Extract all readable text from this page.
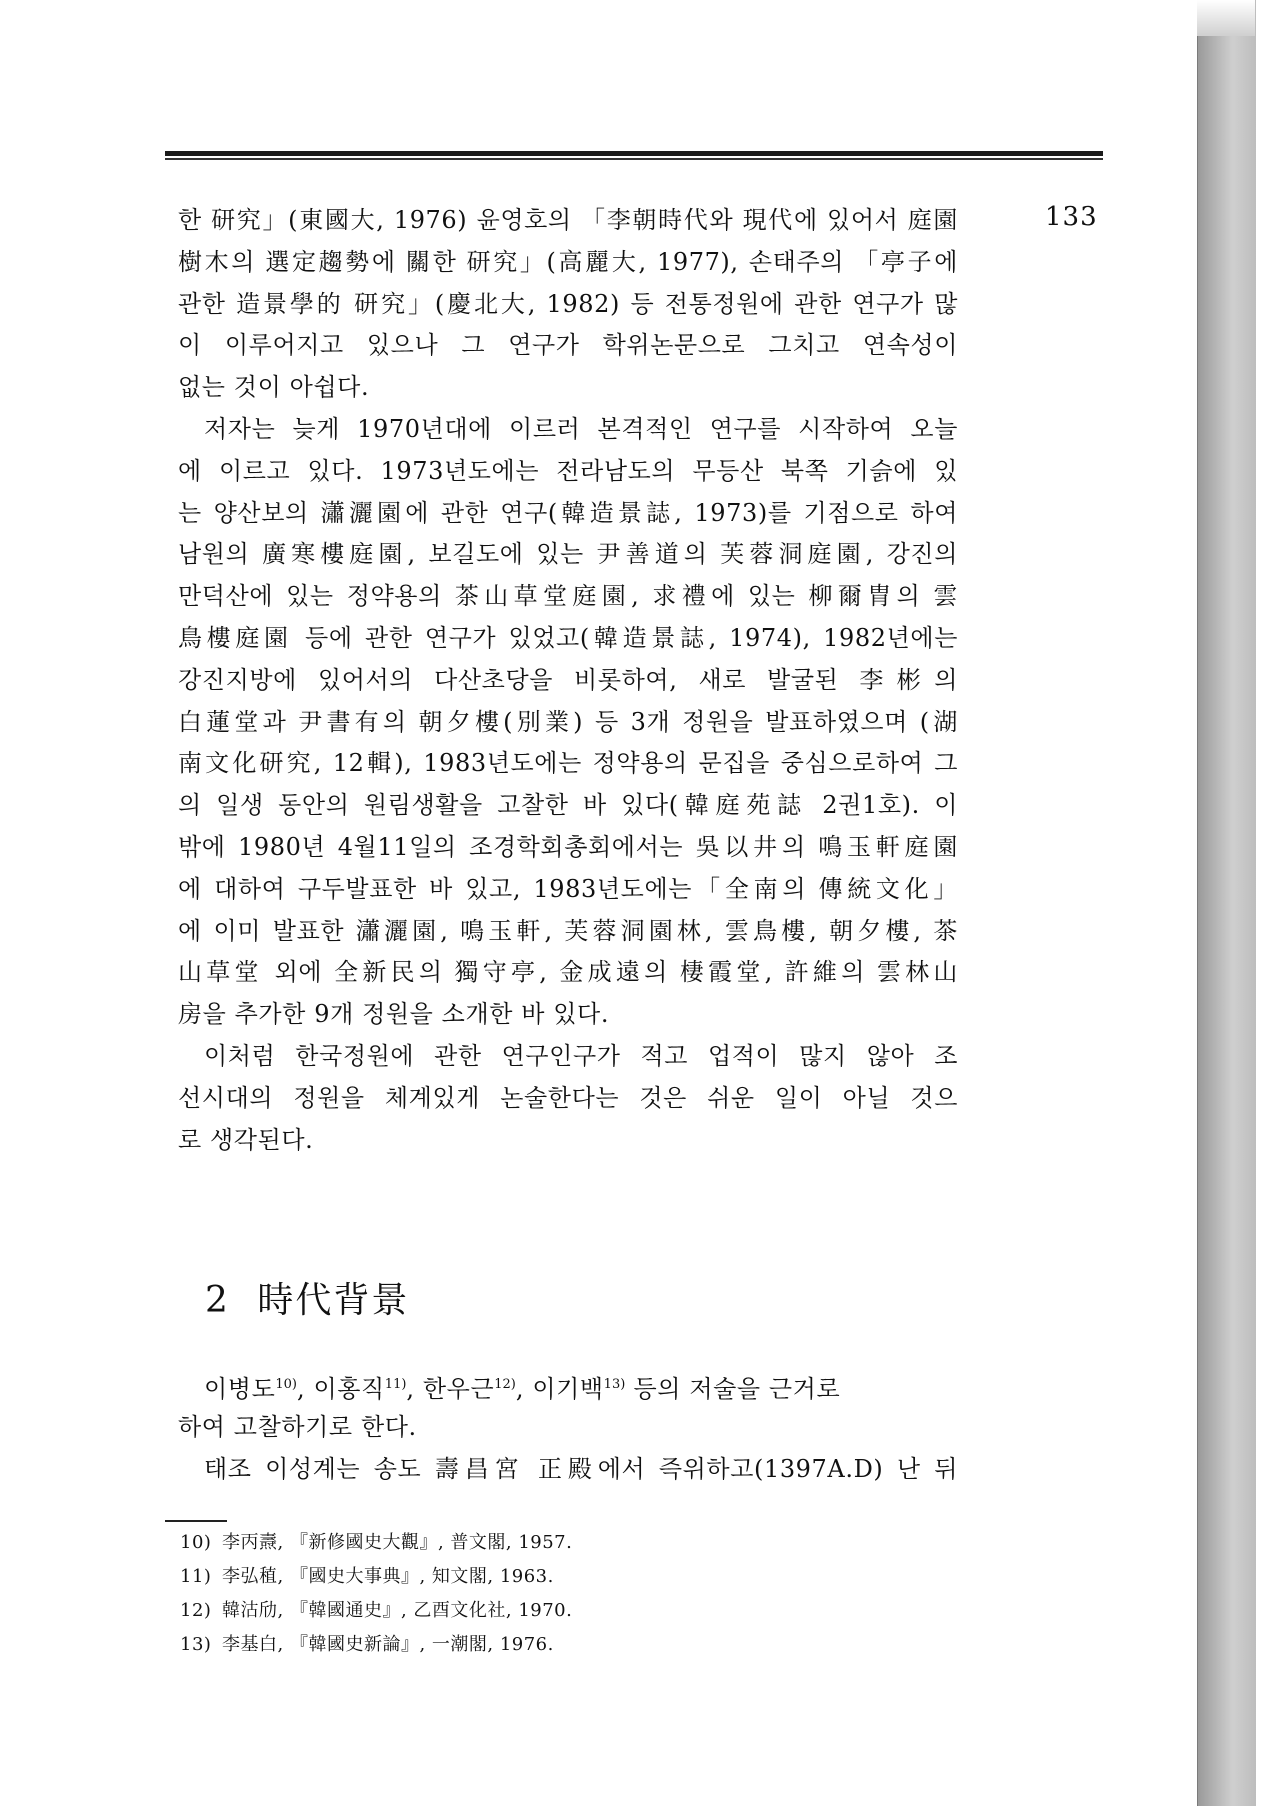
133
한 研究」(東國大, 1976) 윤영호의 「李朝時代와 現代에 있어서 庭園
樹木의 選定趨勢에 關한 研究」(高麗大, 1977), 손태주의 「亭子에
관한 造景學的 研究」(慶北大, 1982) 등 전통정원에 관한 연구가 많
이 이루어지고 있으나 그 연구가 학위논문으로 그치고 연속성이
없는 것이 아쉽다.
저자는 늦게 1970년대에 이르러 본격적인 연구를 시작하여 오늘
에 이르고 있다. 1973년도에는 전라남도의 무등산 북쪽 기슭에 있
는 양산보의 瀟灑園에 관한 연구(韓造景誌, 1973)를 기점으로 하여
남원의 廣寒樓庭園, 보길도에 있는 尹善道의 芙蓉洞庭園, 강진의
만덕산에 있는 정약용의 茶山草堂庭園, 求禮에 있는 柳爾胄의 雲
鳥樓庭園 등에 관한 연구가 있었고(韓造景誌, 1974), 1982년에는
강진지방에 있어서의 다산초당을 비롯하여, 새로 발굴된 李彬의
白蓮堂과 尹書有의 朝夕樓(別業) 등 3개 정원을 발표하였으며 (湖
南文化研究, 12輯), 1983년도에는 정약용의 문집을 중심으로하여 그
의 일생 동안의 원림생활을 고찰한 바 있다(韓庭苑誌 2권1호). 이
밖에 1980년 4월11일의 조경학회총회에서는 吳以井의 鳴玉軒庭園
에 대하여 구두발표한 바 있고, 1983년도에는「全南의 傳統文化」
에 이미 발표한 瀟灑園, 鳴玉軒, 芙蓉洞園林, 雲鳥樓, 朝夕樓, 茶
山草堂 외에 全新民의 獨守亭, 金成遠의 棲霞堂, 許維의 雲林山
房을 추가한 9개 정원을 소개한 바 있다.
이처럼 한국정원에 관한 연구인구가 적고 업적이 많지 않아 조
선시대의 정원을 체계있게 논술한다는 것은 쉬운 일이 아닐 것으
로 생각된다.
2 時代背景
이병도$^{10)}$, 이홍직$^{11)}$, 한우근$^{12)}$, 이기백$^{13)}$ 등의 저술을 근거로
하여 고찰하기로 한다.
태조 이성계는 송도 壽昌宮 正殿에서 즉위하고(1397A.D) 난 뒤
10) 李丙燾, 『新修國史大觀』, 普文閣, 1957.
11) 李弘稙, 『國史大事典』, 知文閣, 1963.
12) 韓沽劤, 『韓國通史』, 乙酉文化社, 1970.
13) 李基白, 『韓國史新論』, 一潮閣, 1976.
